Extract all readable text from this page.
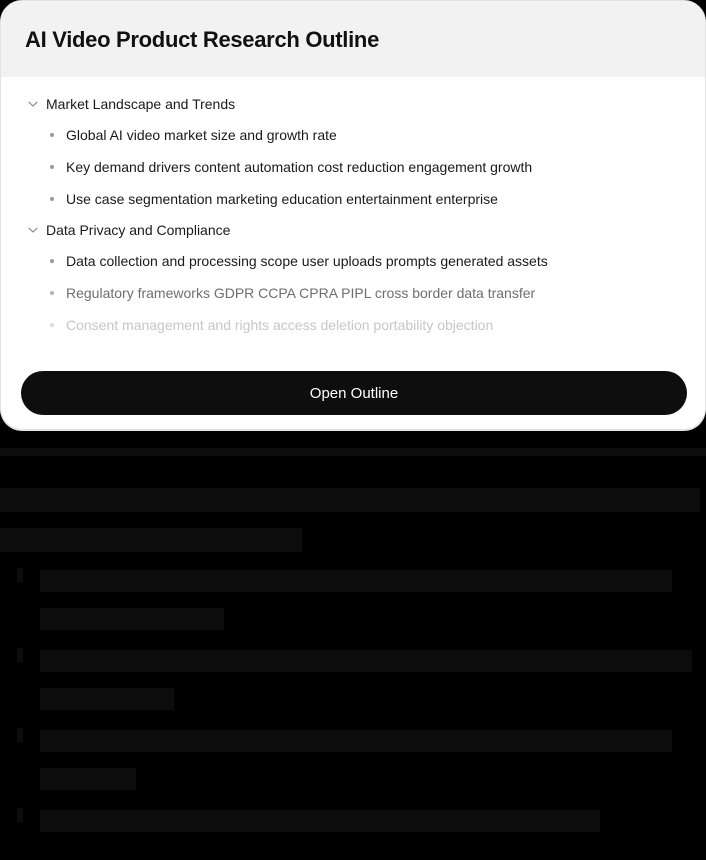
AI Video Product Research Outline
Market Landscape and Trends
Global AI video market size and growth rate
Key demand drivers content automation cost reduction engagement growth
Use case segmentation marketing education entertainment enterprise
Data Privacy and Compliance
Data collection and processing scope user uploads prompts generated assets
Regulatory frameworks GDPR CCPA CPRA PIPL cross border data transfer
Consent management and rights access deletion portability objection
Open Outline
